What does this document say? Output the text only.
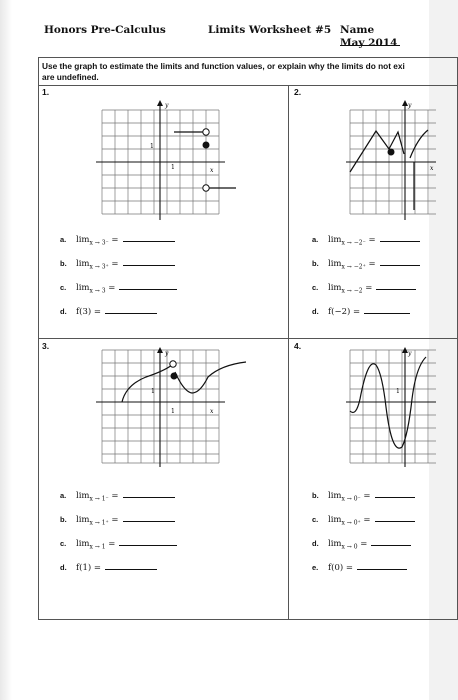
Honors Pre-Calculus	Limits Worksheet #5 Name
May 2014
Use the graph to estimate the limits and function values, or explain why the limits do not exi
are undefined.
1.	2.
3.	4.
y
x
1
1
y
x
y
x
1
1
y
1
a. $\lim_{x \to 3^-}$ =
b. $\lim_{x \to 3^+}$ =
c. $\lim_{x \to 3}$ =
d. f(3) =
a. $\lim_{x \to -2^-}$ =
b. $\lim_{x \to -2^+}$ =
c. $\lim_{x \to -2}$ =
d. f(−2) =
a. $\lim_{x \to 1^-}$ =
b. $\lim_{x \to 1^+}$ =
c. $\lim_{x \to 1}$ =
d. f(1) =
b. $\lim_{x \to 0^-}$ =
c. $\lim_{x \to 0^+}$ =
d. $\lim_{x \to 0}$ =
e. f(0) =
